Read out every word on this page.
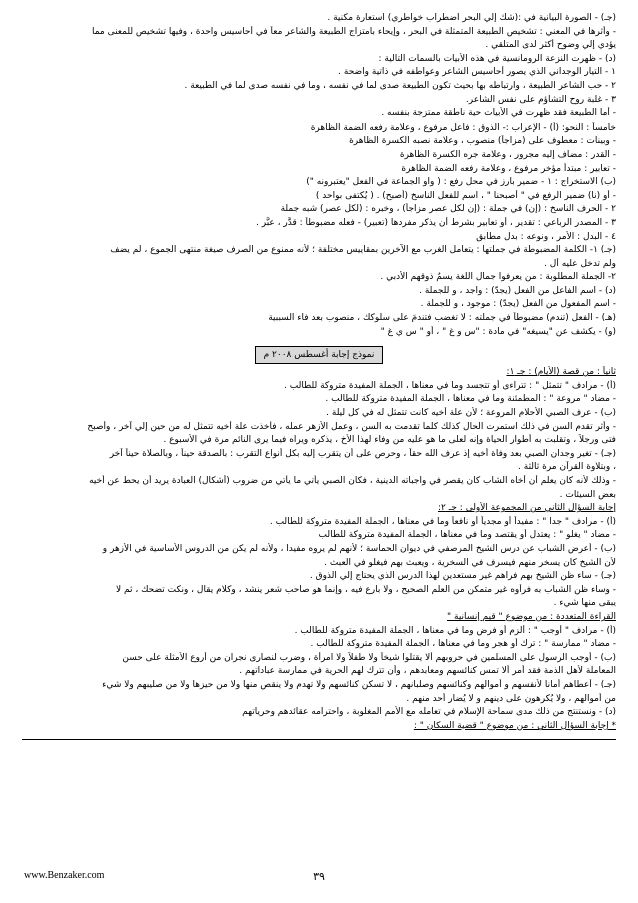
(جـ) - الصورة البيانية في :(شك إلي البحر اضطراب خواطري) استعارة مكنية .
- وأثرها في المعني : تشخيص الطبيعة المتمثلة في البحر ، وإيحاء بامتزاج الطبيعة والشاعر معاً في أحاسيس واحدة ، وفيها تشخيص للمعنى مما
يؤدي إلي وضوح أكثر لدى المتلقي .
(د) - ظهرت النزعة الرومانسية في هذه الأبيات بالسمات التالية :
١ - التيار الوجداني الذي يصور أحاسيس الشاعر وعواطفه في ذاتية واضحة .
٢ - حب الشاعر الطبيعة ، وارتباطه بها بحيث تكون الطبيعة صدى لما في نفسه ، وما في نفسه صدى لما في الطبيعة .
٣ - غلبة روح التشاؤم على نفس الشاعر.
- أما الطبيعة فقد ظهرت في الأبيات حية ناطقة ممتزجة بنفسه .
خامساً : النحو: (أ) - الإعراب :- الذوق : فاعل مرفوع ، وعلامة رفعه الضمة الظاهرة
- وبينات : معطوف على (مزاجاً) منصوب ، وعلامة نصبه الكسرة الظاهرة
- القدر : مضاف إليه مجرور ، وعلامة جره الكسرة الظاهرة
- تعابير : مبتدأ مؤخر مرفوع ، وعلامة رفعه الضمة الظاهرة
(ب) الاستخراج : ١ - ضمير بارز في محل رفع : ( واو الجماعة في الفعل "يعتبرونه ")
- أو (نا) ضمير الرفع في " أصبحنا " ، اسم للفعل الناسخ (أصبح) . ( يُكتفى بواحد )
٢ - الحرف الناسخ : (إن) في جملة : (إن لكل عصر مزاجاً) ، وخبره : (لكل عصر) شبه جملة
٣ - المصدر الرباعي : تقدير ، أو تعابير بشرط أن يذكر مفردها (تعبير) - فعله مضبوطاً : قدَّر ، عبَّر .
٤ - البدل : الأمر ، ونوعه : بدل مطابق
(جـ) ١- الكلمة المضبوطة في جملتها : يتعامل الغرب مع الآخرين بمقاييس مختلفة ؛ لأنه ممنوع من الصرف صيغة منتهى الجموع ، لم يضف
ولم تدخل عليه أل .
٢- الجملة المطلوبة : من يعرفوا جمال اللغة يسمُ ذوقهم الأدبي .
(د) - اسم الفاعل من الفعل (يجدّ) : واجد ، و للجملة .
- اسم المفعول من الفعل (يجدّ) : موجود ، و للجملة .
(هـ) - الفعل (تندم) مضبوطاً في جملته : لا تغضب فتندمَ على سلوكك ، منصوب بعد فاء السببية
(و) - يكشف عن "يسيغه" في مادة : "س و غ " ، أو " س ي غ "
نموذج إجابة أغسطس ٢٠٠٨ م
ثانياً : من قصة (الأيام) : جـ ١:
(أ) - مرادف " تتمثل " : تتراءى أو تتجسد وما في معناها ، الجملة المفيدة متروكة للطالب .
- مضاد " مروعة " : المطمئنة وما في معناها ، الجملة المفيدة متروكة للطالب .
(ب) - عرف الصبي الأحلام المروعة ؛ لأن علة أخيه كانت تتمثل له في كل ليلة .
- وأثر تقدم السن في ذلك استمرت الحال كذلك كلما تقدمت به السن ، وعمل الأزهر عمله ، فأخذت علة أخيه تتمثل له من حين إلي آخر ، وأصبح
فتى ورجلاً ، وتقلبت به أطوار الحياة وإنه لعلى ما هو عليه من وفاء لهذا الأخ ، يذكره ويراه فيما يرى النائم مرة في الأسبوع .
(جـ) - تغير وجدان الصبي بعد وفاة أخيه إذ عرف الله حقاً ، وحرص على أن يتقرب إليه بكل أنواع التقرب : بالصدقة حيناً ، وبالصلاة حيناً آخر
، وبتلاوة القرآن مرة ثالثة .
- وذلك لأنه كان يعلم أن أخاه الشاب كان يقصر في واجباته الدينية ، فكان الصبي يأتي ما يأتي من ضروب (أشكال) العبادة يريد أن يحط عن أخيه
بعض السيئات .
إجابة السؤال الثاني من المجموعة الأولى : جـ ٢:
(أ) - مرادف " جدا " : مفيداً أو مجدياً أو نافعاً وما في معناها ، الجملة المفيدة متروكة للطالب .
- مضاد " يغلو " : يعتدل أو يقتصد وما في معناها ، الجملة المفيدة متروكة للطالب
(ب) - أعرض الشباب عن درس الشيخ المرصفي في ديوان الحماسة ؛ لأنهم لم يروه مفيدا ، ولأنه لم يكن من الدروس الأساسية في الأزهر و
لأن الشيخ كان يسخر منهم فيسرف في السخرية ، ويعبث بهم فيغلو في العبث .
(جـ) - ساء ظن الشيخ بهم فراهم غير مستعدين لهذا الدرس الذي يحتاج إلي الذوق .
- وساء ظن الشباب به فرأوه غير متمكن من العلم الصحيح ، ولا بارع فيه ، وإنما هو صاحب شعر ينشد ، وكلام يقال ، ونكت تضحك ، ثم لا
يبقى منها شيء .
القراءة المتعددة : من موضوع " قيم إنسانية "
(أ) - مرادف " أوجب " : ألزم أو فرض وما في معناها ، الجملة المفيدة متروكة للطالب .
- مضاد " ممارسة " : ترك أو هجر وما في معناها ، الجملة المفيدة متروكة للطالب .
(ب) - أوجب الرسول على المسلمين في حروبهم ألا يقتلوا شيخاً ولا طفلاً ولا امرأة ، وضرب لنصارى نجران من أروع الأمثلة على حسن
المعاملة لأهل الذمة فقد أمر ألا تمس كنائسهم ومعابدهم ، وأن تترك لهم الحرية في ممارسة عباداتهم .
(جـ) - أعطاهم أمانا لأنفسهم و أموالهم وكنائسهم وصلبانهم ، لا تسكن كنائسهم ولا تهدم ولا ينقص منها ولا من حيزها ولا من صليبهم ولا شيء
من أموالهم ، ولا يُكرهون على دينهم و لا يُضار أحد منهم .
(د) - ونستنتج من ذلك مدى سماحة الإسلام في تعامله مع الأمم المغلوبة ، واحترامه عقائدهم وحرياتهم
* إجابة السؤال الثاني : من موضوع " قضية السكان " :
www.Benzaker.com	٣٩
